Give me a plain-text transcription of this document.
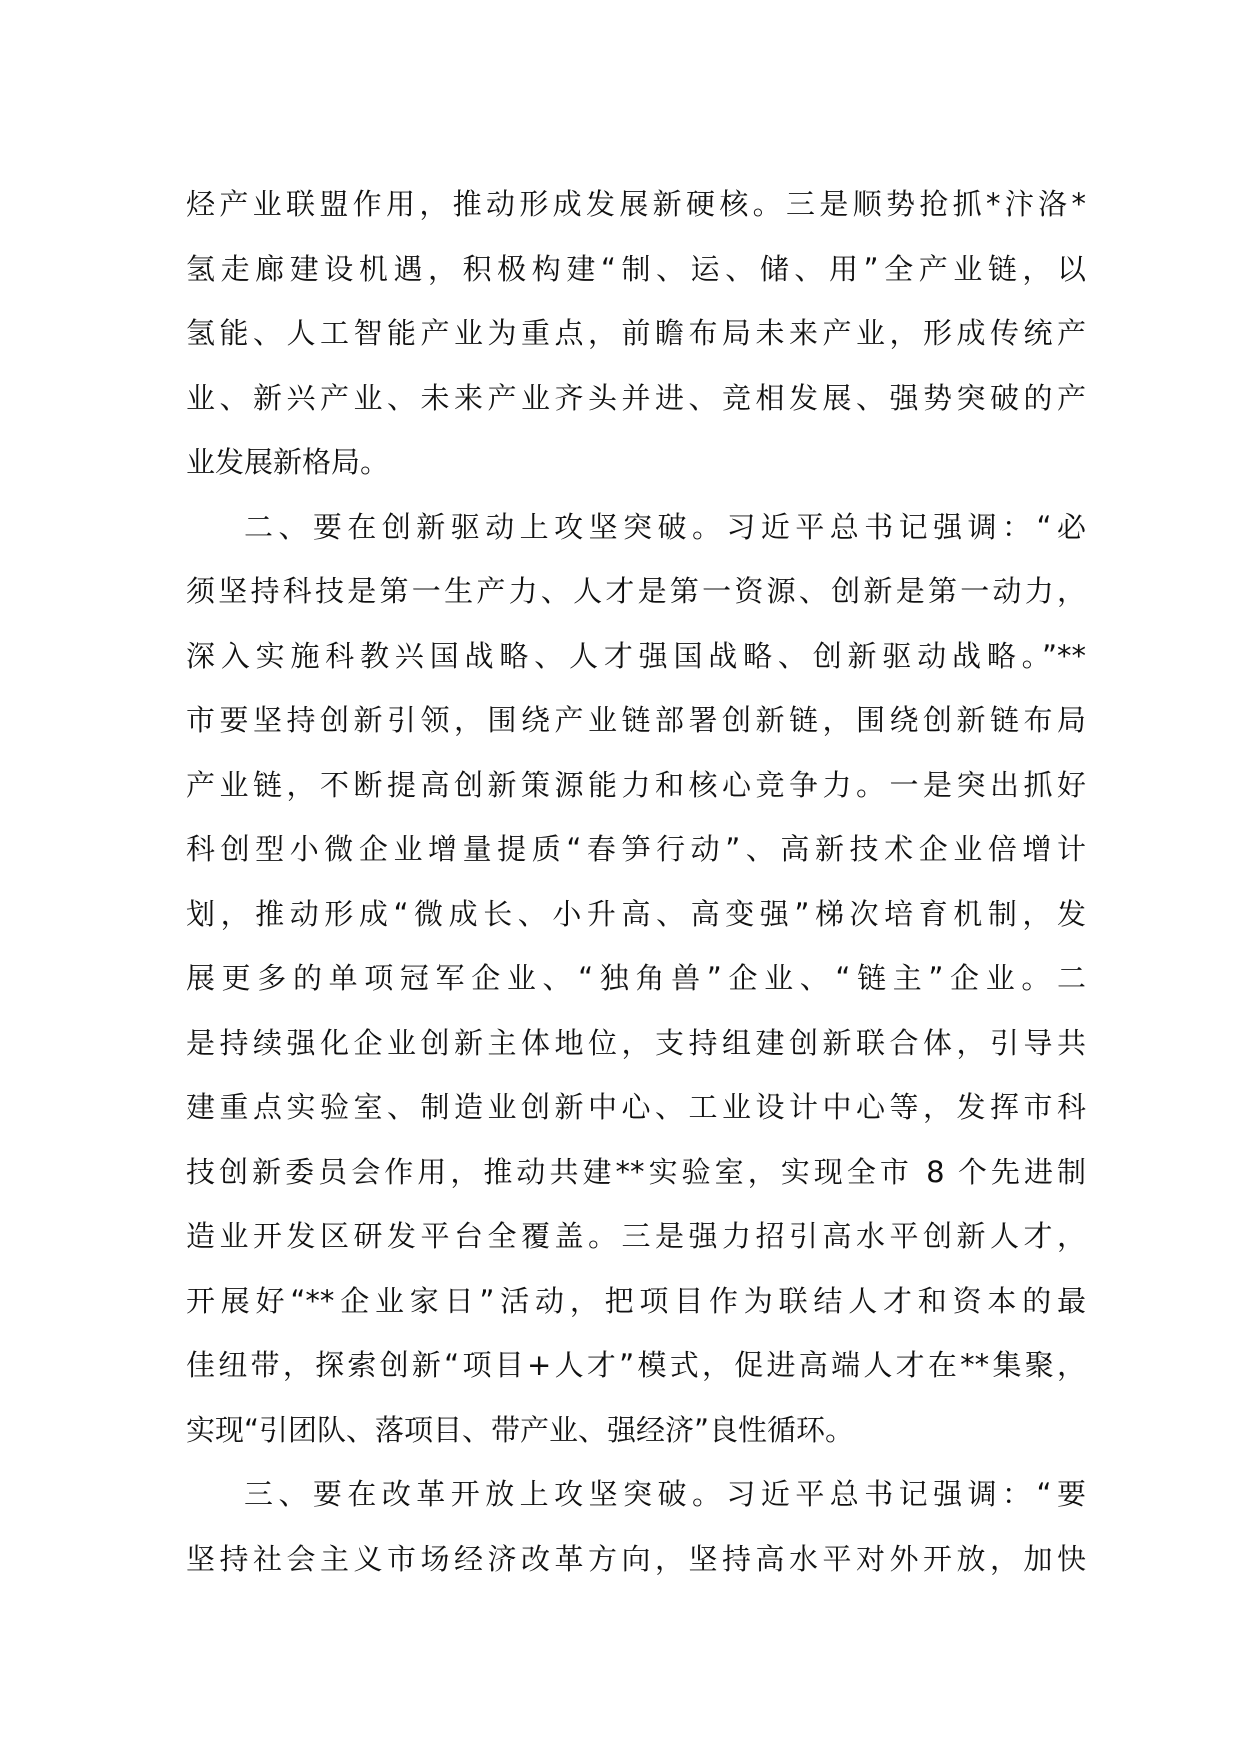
烃产业联盟作用，推动形成发展新硬核。三是顺势抢抓*汴洛*
氢走廊建设机遇，积极构建“制、运、储、用”全产业链，以
氢能、人工智能产业为重点，前瞻布局未来产业，形成传统产
业、新兴产业、未来产业齐头并进、竞相发展、强势突破的产
业发展新格局。
二、要在创新驱动上攻坚突破。习近平总书记强调：“必
须坚持科技是第一生产力、人才是第一资源、创新是第一动力，
深入实施科教兴国战略、人才强国战略、创新驱动战略。”**
市要坚持创新引领，围绕产业链部署创新链，围绕创新链布局
产业链，不断提高创新策源能力和核心竞争力。一是突出抓好
科创型小微企业增量提质“春笋行动”、高新技术企业倍增计
划，推动形成“微成长、小升高、高变强”梯次培育机制，发
展更多的单项冠军企业、“独角兽”企业、“链主”企业。二
是持续强化企业创新主体地位，支持组建创新联合体，引导共
建重点实验室、制造业创新中心、工业设计中心等，发挥市科
技创新委员会作用，推动共建**实验室，实现全市 8 个先进制
造业开发区研发平台全覆盖。三是强力招引高水平创新人才，
开展好“**企业家日”活动，把项目作为联结人才和资本的最
佳纽带，探索创新“项目+人才”模式，促进高端人才在**集聚，
实现“引团队、落项目、带产业、强经济”良性循环。
三、要在改革开放上攻坚突破。习近平总书记强调：“要
坚持社会主义市场经济改革方向，坚持高水平对外开放，加快
